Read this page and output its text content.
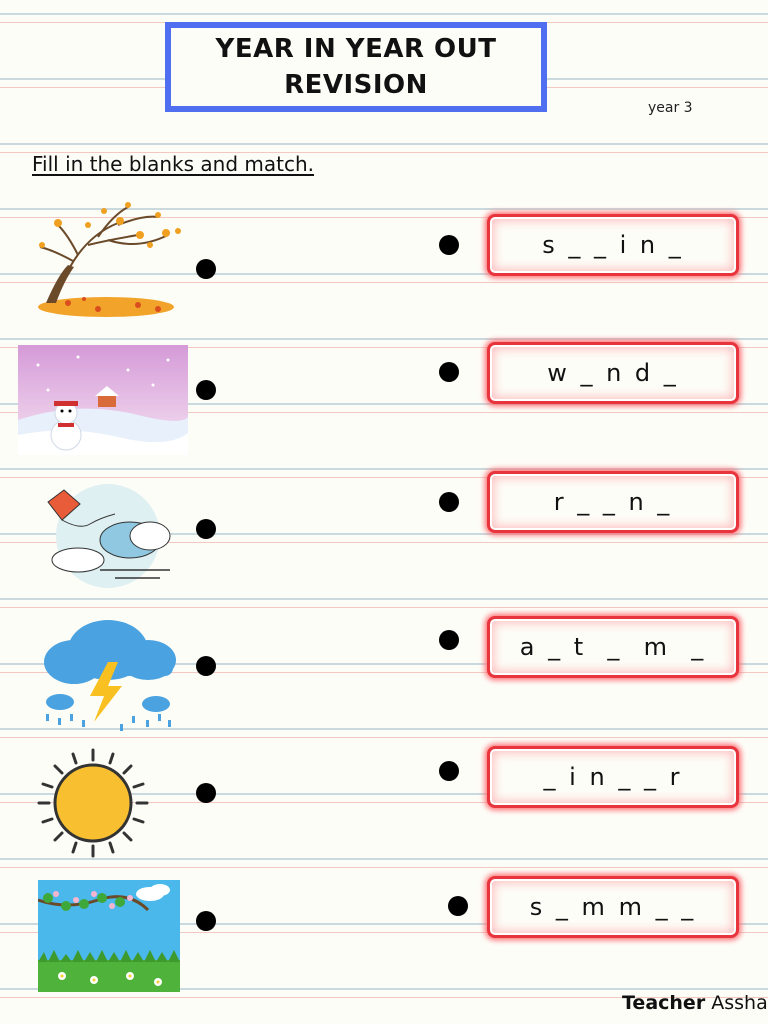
YEAR IN YEAR OUT
REVISION
year 3
Fill in the blanks and match.
s _ _ i n _
w _ n d _
r _ _ n _
a _ t  _  m  _
_ i n _ _ r
s _ m m _ _
Teacher Assha
